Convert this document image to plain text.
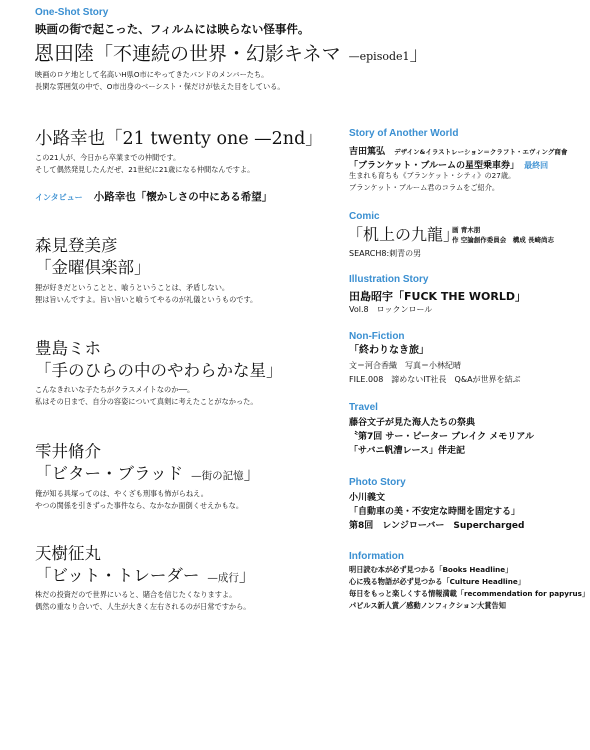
One-Shot Story
映画の街で起こった、フィルムには映らない怪事件。
恩田陸「不連続の世界・幻影キネマ —episode1」
映画のロケ地として名高いH県O市にやってきたバンドのメンバーたち。
長閑な雰囲気の中で、O市出身のベーシスト・保だけが怯えた目をしている。
小路幸也「21 twenty one —2nd」
この21人が、今日から卒業までの仲間です。
そして偶然発見したんだぜ、21世紀に21歳になる仲間なんですよ。
インタビュー 小路幸也「懐かしさの中にある希望」
森見登美彦
「金曜倶楽部」
狸が好きだということと、喰うということは、矛盾しない。
狸は旨いんですよ。旨い旨いと喰うてやるのが礼儀というものです。
豊島ミホ
「手のひらの中のやわらかな星」
こんなきれいな子たちがクラスメイトなのか──。
私はその日まで、自分の容姿について真剣に考えたことがなかった。
雫井脩介
「ビター・ブラッド —街の記憶」
俺が知る具塚ってのは、やくざも刑事も怖がらねえ。
やつの関係を引きずった事件なら、なかなか面倒くせえかもな。
天樹征丸
「ビット・トレーダー —成行」
株だの投資だので世界にいると、賭合を信じたくなりますよ。
偶然の重なり合いで、人生が大きく左右されるのが日常ですから。
Story of Another World
吉田篤弘 デザイン&イラストレーション＝クラフト・エヴィング商會
「ブランケット・ブルームの星型乗車券」 最終回
生まれも育ちも《ブランケット・シティ》の27歳。
ブランケット・ブルーム君のコラムをご紹介。
Comic
「机上の九龍」
画 青木朋
作 空論創作委員会　構成 長崎尚志
SEARCH8:刺青の男
Illustration Story
田島昭宇「FUCK THE WORLD」
Vol.8　ロックンロール
Non-Fiction
「終わりなき旅」
文＝河合香織　写真＝小林紀晴
FILE.008　諦めないIT社長　Q&Aが世界を結ぶ
Travel
藤谷文子が見た海人たちの祭典
〝第7回 サー・ピーター ブレイク メモリアル
「サバニ帆漕レース」伴走記
Photo Story
小川義文
「自動車の美・不安定な時間を固定する」
第8回　レンジローバー　Supercharged
Information
明日読む本が必ず見つかる「Books Headline」
心に残る物語が必ず見つかる「Culture Headline」
毎日をもっと楽しくする情報満載「recommendation for papyrus」
パピルス新人賞／感動ノンフィクション大賞告知
